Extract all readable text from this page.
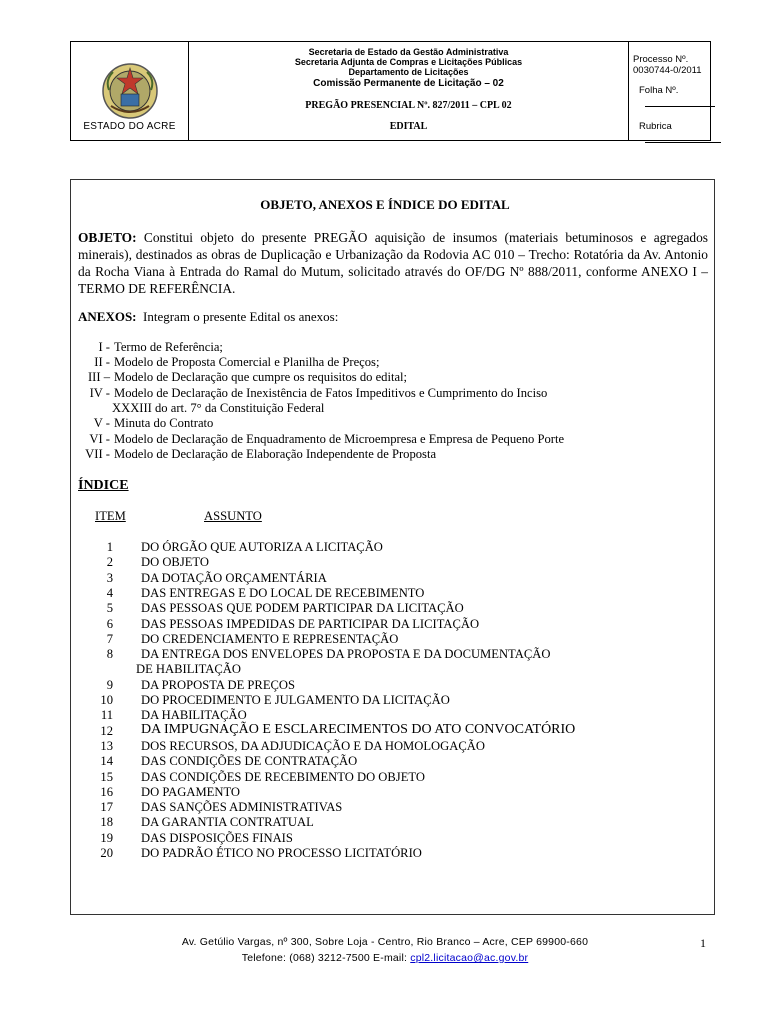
ESTADO DO ACRE
Secretaria de Estado da Gestão Administrativa
Secretaria Adjunta de Compras e Licitações Públicas
Departamento de Licitações
Comissão Permanente de Licitação – 02
PREGÃO PRESENCIAL Nº. 827/2011 – CPL 02
EDITAL
Processo Nº. 0030744-0/2011
Folha Nº.
Rubrica
OBJETO, ANEXOS E ÍNDICE DO EDITAL
OBJETO: Constitui objeto do presente PREGÃO aquisição de insumos (materiais betuminosos e agregados minerais), destinados as obras de Duplicação e Urbanização da Rodovia AC 010 – Trecho: Rotatória da Av. Antonio da Rocha Viana à Entrada do Ramal do Mutum, solicitado através do OF/DG Nº 888/2011, conforme ANEXO I – TERMO DE REFERÊNCIA.
ANEXOS: Integram o presente Edital os anexos:
I - Termo de Referência;
II - Modelo de Proposta Comercial e Planilha de Preços;
III – Modelo de Declaração que cumpre os requisitos do edital;
IV - Modelo de Declaração de Inexistência de Fatos Impeditivos e Cumprimento do Inciso
XXXIII do art. 7° da Constituição Federal
V - Minuta do Contrato
VI - Modelo de Declaração de Enquadramento de Microempresa e Empresa de Pequeno Porte
VII - Modelo de Declaração de Elaboração Independente de Proposta
ÍNDICE
ITEM	ASSUNTO
1 DO ÓRGÃO QUE AUTORIZA A LICITAÇÃO
2 DO OBJETO
3 DA DOTAÇÃO ORÇAMENTÁRIA
4 DAS ENTREGAS E DO LOCAL DE RECEBIMENTO
5 DAS PESSOAS QUE PODEM PARTICIPAR DA LICITAÇÃO
6 DAS PESSOAS IMPEDIDAS DE PARTICIPAR DA LICITAÇÃO
7 DO CREDENCIAMENTO E REPRESENTAÇÃO
8 DA ENTREGA DOS ENVELOPES DA PROPOSTA E DA DOCUMENTAÇÃO
DE HABILITAÇÃO
9 DA PROPOSTA DE PREÇOS
10 DO PROCEDIMENTO E JULGAMENTO DA LICITAÇÃO
11 DA HABILITAÇÃO
12 DA IMPUGNAÇÃO E ESCLARECIMENTOS DO ATO CONVOCATÓRIO
13 DOS RECURSOS, DA ADJUDICAÇÃO E DA HOMOLOGAÇÃO
14 DAS CONDIÇÕES DE CONTRATAÇÃO
15 DAS CONDIÇÕES DE RECEBIMENTO DO OBJETO
16 DO PAGAMENTO
17 DAS SANÇÕES ADMINISTRATIVAS
18 DA GARANTIA CONTRATUAL
19 DAS DISPOSIÇÕES FINAIS
20 DO PADRÃO ÉTICO NO PROCESSO LICITATÓRIO
Av. Getúlio Vargas, nº 300, Sobre Loja - Centro, Rio Branco – Acre, CEP 69900-660
Telefone: (068) 3212-7500 E-mail: cpl2.licitacao@ac.gov.br
1
